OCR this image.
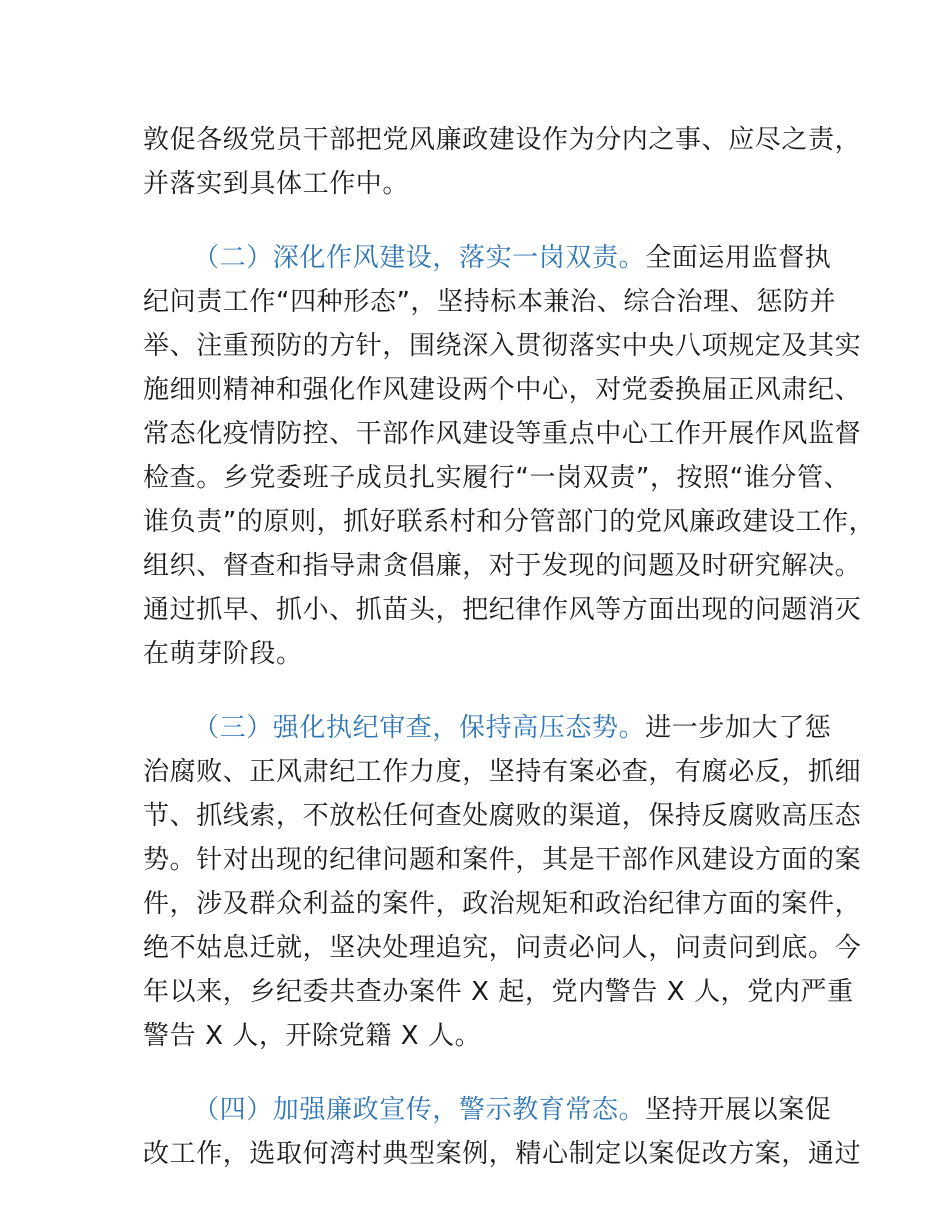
敦促各级党员干部把党风廉政建设作为分内之事、应尽之责，
并落实到具体工作中。
（二）深化作风建设，落实一岗双责。全面运用监督执
纪问责工作“四种形态”，坚持标本兼治、综合治理、惩防并
举、注重预防的方针，围绕深入贯彻落实中央八项规定及其实
施细则精神和强化作风建设两个中心，对党委换届正风肃纪、
常态化疫情防控、干部作风建设等重点中心工作开展作风监督
检查。乡党委班子成员扎实履行“一岗双责”，按照“谁分管、
谁负责”的原则，抓好联系村和分管部门的党风廉政建设工作，
组织、督查和指导肃贪倡廉，对于发现的问题及时研究解决。
通过抓早、抓小、抓苗头，把纪律作风等方面出现的问题消灭
在萌芽阶段。
（三）强化执纪审查，保持高压态势。进一步加大了惩
治腐败、正风肃纪工作力度，坚持有案必查，有腐必反，抓细
节、抓线索，不放松任何查处腐败的渠道，保持反腐败高压态
势。针对出现的纪律问题和案件，其是干部作风建设方面的案
件，涉及群众利益的案件，政治规矩和政治纪律方面的案件，
绝不姑息迁就，坚决处理追究，问责必问人，问责问到底。今
年以来，乡纪委共查办案件 X 起，党内警告 X 人，党内严重
警告 X 人，开除党籍 X 人。
（四）加强廉政宣传，警示教育常态。坚持开展以案促
改工作，选取何湾村典型案例，精心制定以案促改方案，通过
